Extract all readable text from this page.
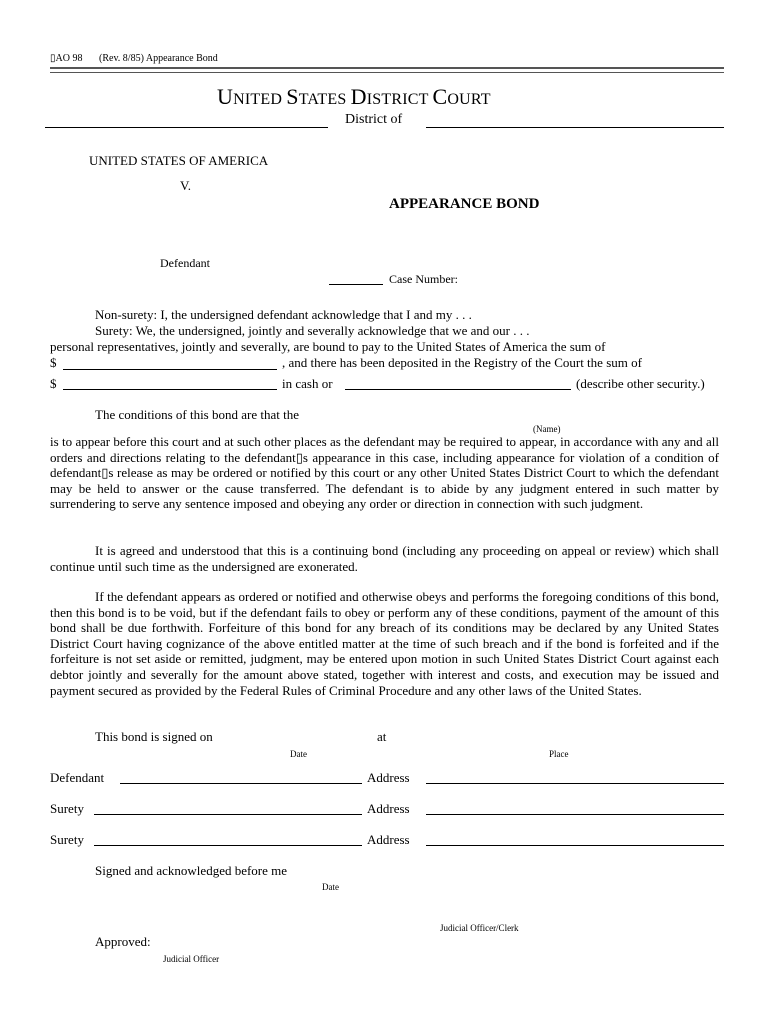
▯AO 98 (Rev. 8/85) Appearance Bond
UNITED STATES DISTRICT COURT
District of
UNITED STATES OF AMERICA
V.
APPEARANCE BOND
Defendant
Case Number:
Non-surety: I, the undersigned defendant acknowledge that I and my . . .
Surety: We, the undersigned, jointly and severally acknowledge that we and our . . .
personal representatives, jointly and severally, are bound to pay to the United States of America the sum of
$	, and there has been deposited in the Registry of the Court the sum of
$	in cash or	(describe other security.)
The conditions of this bond are that the
(Name)
is to appear before this court and at such other places as the defendant may be required to appear, in accordance with any and all orders and directions relating to the defendant▯s appearance in this case, including appearance for violation of a condition of defendant▯s release as may be ordered or notified by this court or any other United States District Court to which the defendant may be held to answer or the cause transferred. The defendant is to abide by any judgment entered in such matter by surrendering to serve any sentence imposed and obeying any order or direction in connection with such judgment.
It is agreed and understood that this is a continuing bond (including any proceeding on appeal or review) which shall continue until such time as the undersigned are exonerated.
If the defendant appears as ordered or notified and otherwise obeys and performs the foregoing conditions of this bond, then this bond is to be void, but if the defendant fails to obey or perform any of these conditions, payment of the amount of this bond shall be due forthwith. Forfeiture of this bond for any breach of its conditions may be declared by any United States District Court having cognizance of the above entitled matter at the time of such breach and if the bond is forfeited and if the forfeiture is not set aside or remitted, judgment, may be entered upon motion in such United States District Court against each debtor jointly and severally for the amount above stated, together with interest and costs, and execution may be issued and payment secured as provided by the Federal Rules of Criminal Procedure and any other laws of the United States.
This bond is signed on	at
Date	Place
Defendant	Address
Surety	Address
Surety	Address
Signed and acknowledged before me
Date
Judicial Officer/Clerk
Approved:
Judicial Officer
